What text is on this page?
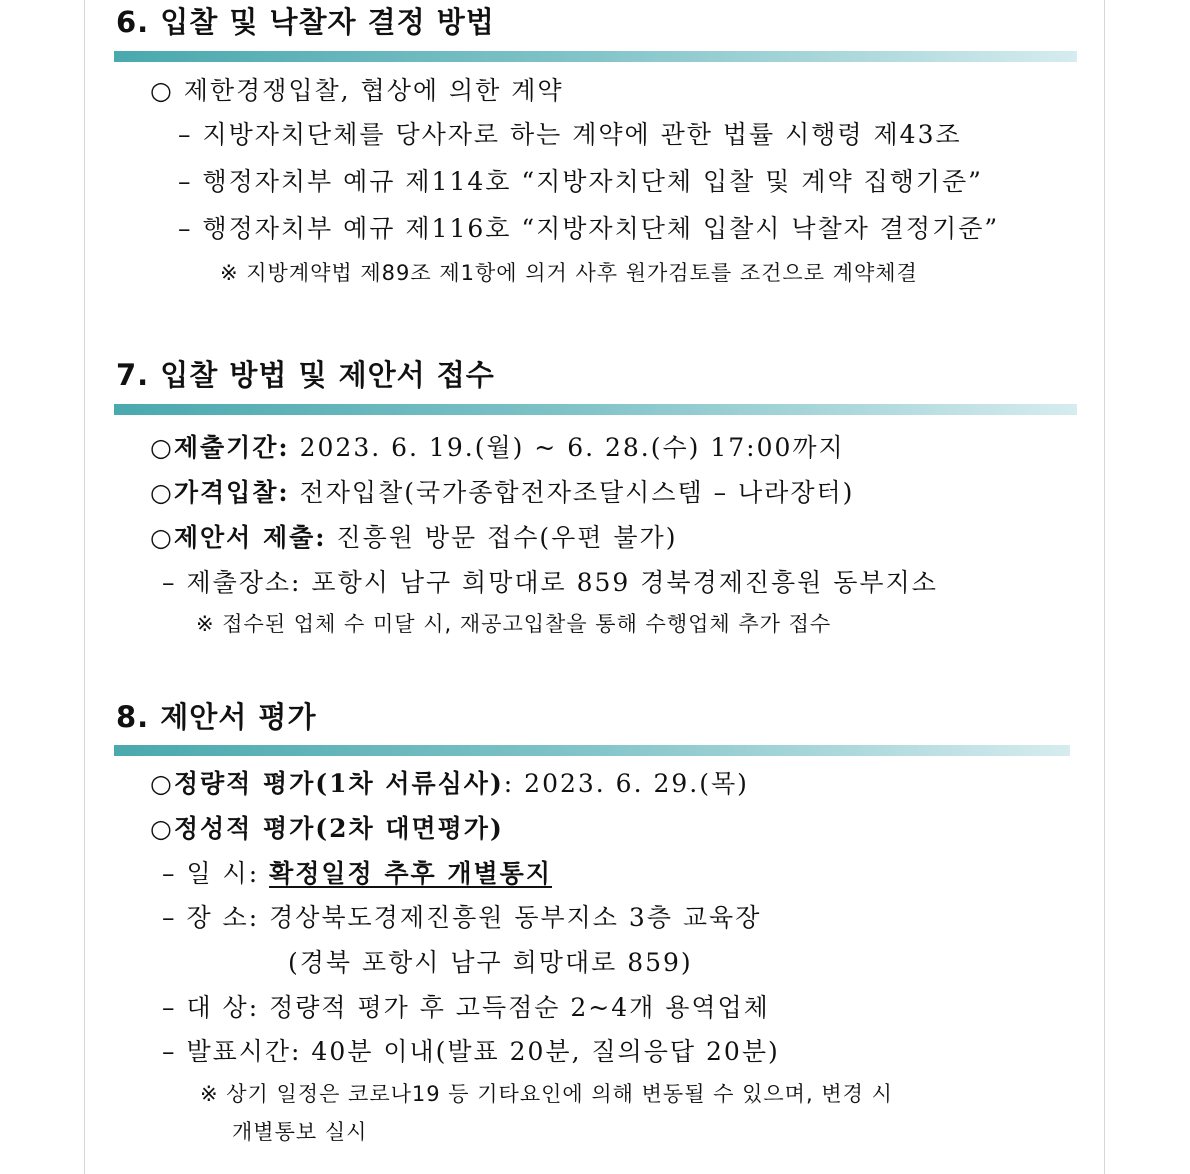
6. 입찰 및 낙찰자 결정 방법
○ 제한경쟁입찰, 협상에 의한 계약
– 지방자치단체를 당사자로 하는 계약에 관한 법률 시행령 제43조
– 행정자치부 예규 제114호 “지방자치단체 입찰 및 계약 집행기준”
– 행정자치부 예규 제116호 “지방자치단체 입찰시 낙찰자 결정기준”
※ 지방계약법 제89조 제1항에 의거 사후 원가검토를 조건으로 계약체결
7. 입찰 방법 및 제안서 접수
○제출기간: 2023. 6. 19.(월) ~ 6. 28.(수) 17:00까지
○가격입찰: 전자입찰(국가종합전자조달시스템 – 나라장터)
○제안서 제출: 진흥원 방문 접수(우편 불가)
– 제출장소: 포항시 남구 희망대로 859 경북경제진흥원 동부지소
※ 접수된 업체 수 미달 시, 재공고입찰을 통해 수행업체 추가 접수
8. 제안서 평가
○정량적 평가(1차 서류심사): 2023. 6. 29.(목)
○정성적 평가(2차 대면평가)
– 일 시: 확정일정 추후 개별통지
– 장 소: 경상북도경제진흥원 동부지소 3층 교육장
(경북 포항시 남구 희망대로 859)
– 대 상: 정량적 평가 후 고득점순 2~4개 용역업체
– 발표시간: 40분 이내(발표 20분, 질의응답 20분)
※ 상기 일정은 코로나19 등 기타요인에 의해 변동될 수 있으며, 변경 시
개별통보 실시
